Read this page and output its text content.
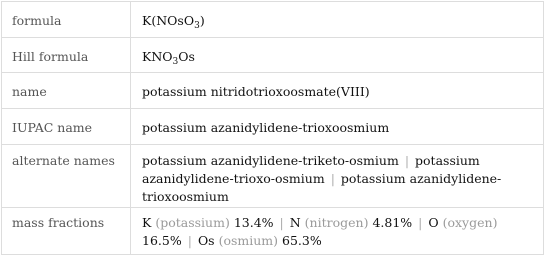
formula	K(NOsO$_3$)

Hill formula	$KNO_3Os$

name	potassium nitridotrioxoosmate(VIII)

IUPAC name	potassium azanidylidene-trioxoosmium

alternate names	potassium azanidylidene-triketo-osmium | potassium azanidylidene-trioxo-osmium | potassium azanidylidene-trioxoosmium

mass fractions	K (potassium) 13.4% | N (nitrogen) 4.81% | O (oxygen) 16.5% | Os (osmium) 65.3%
